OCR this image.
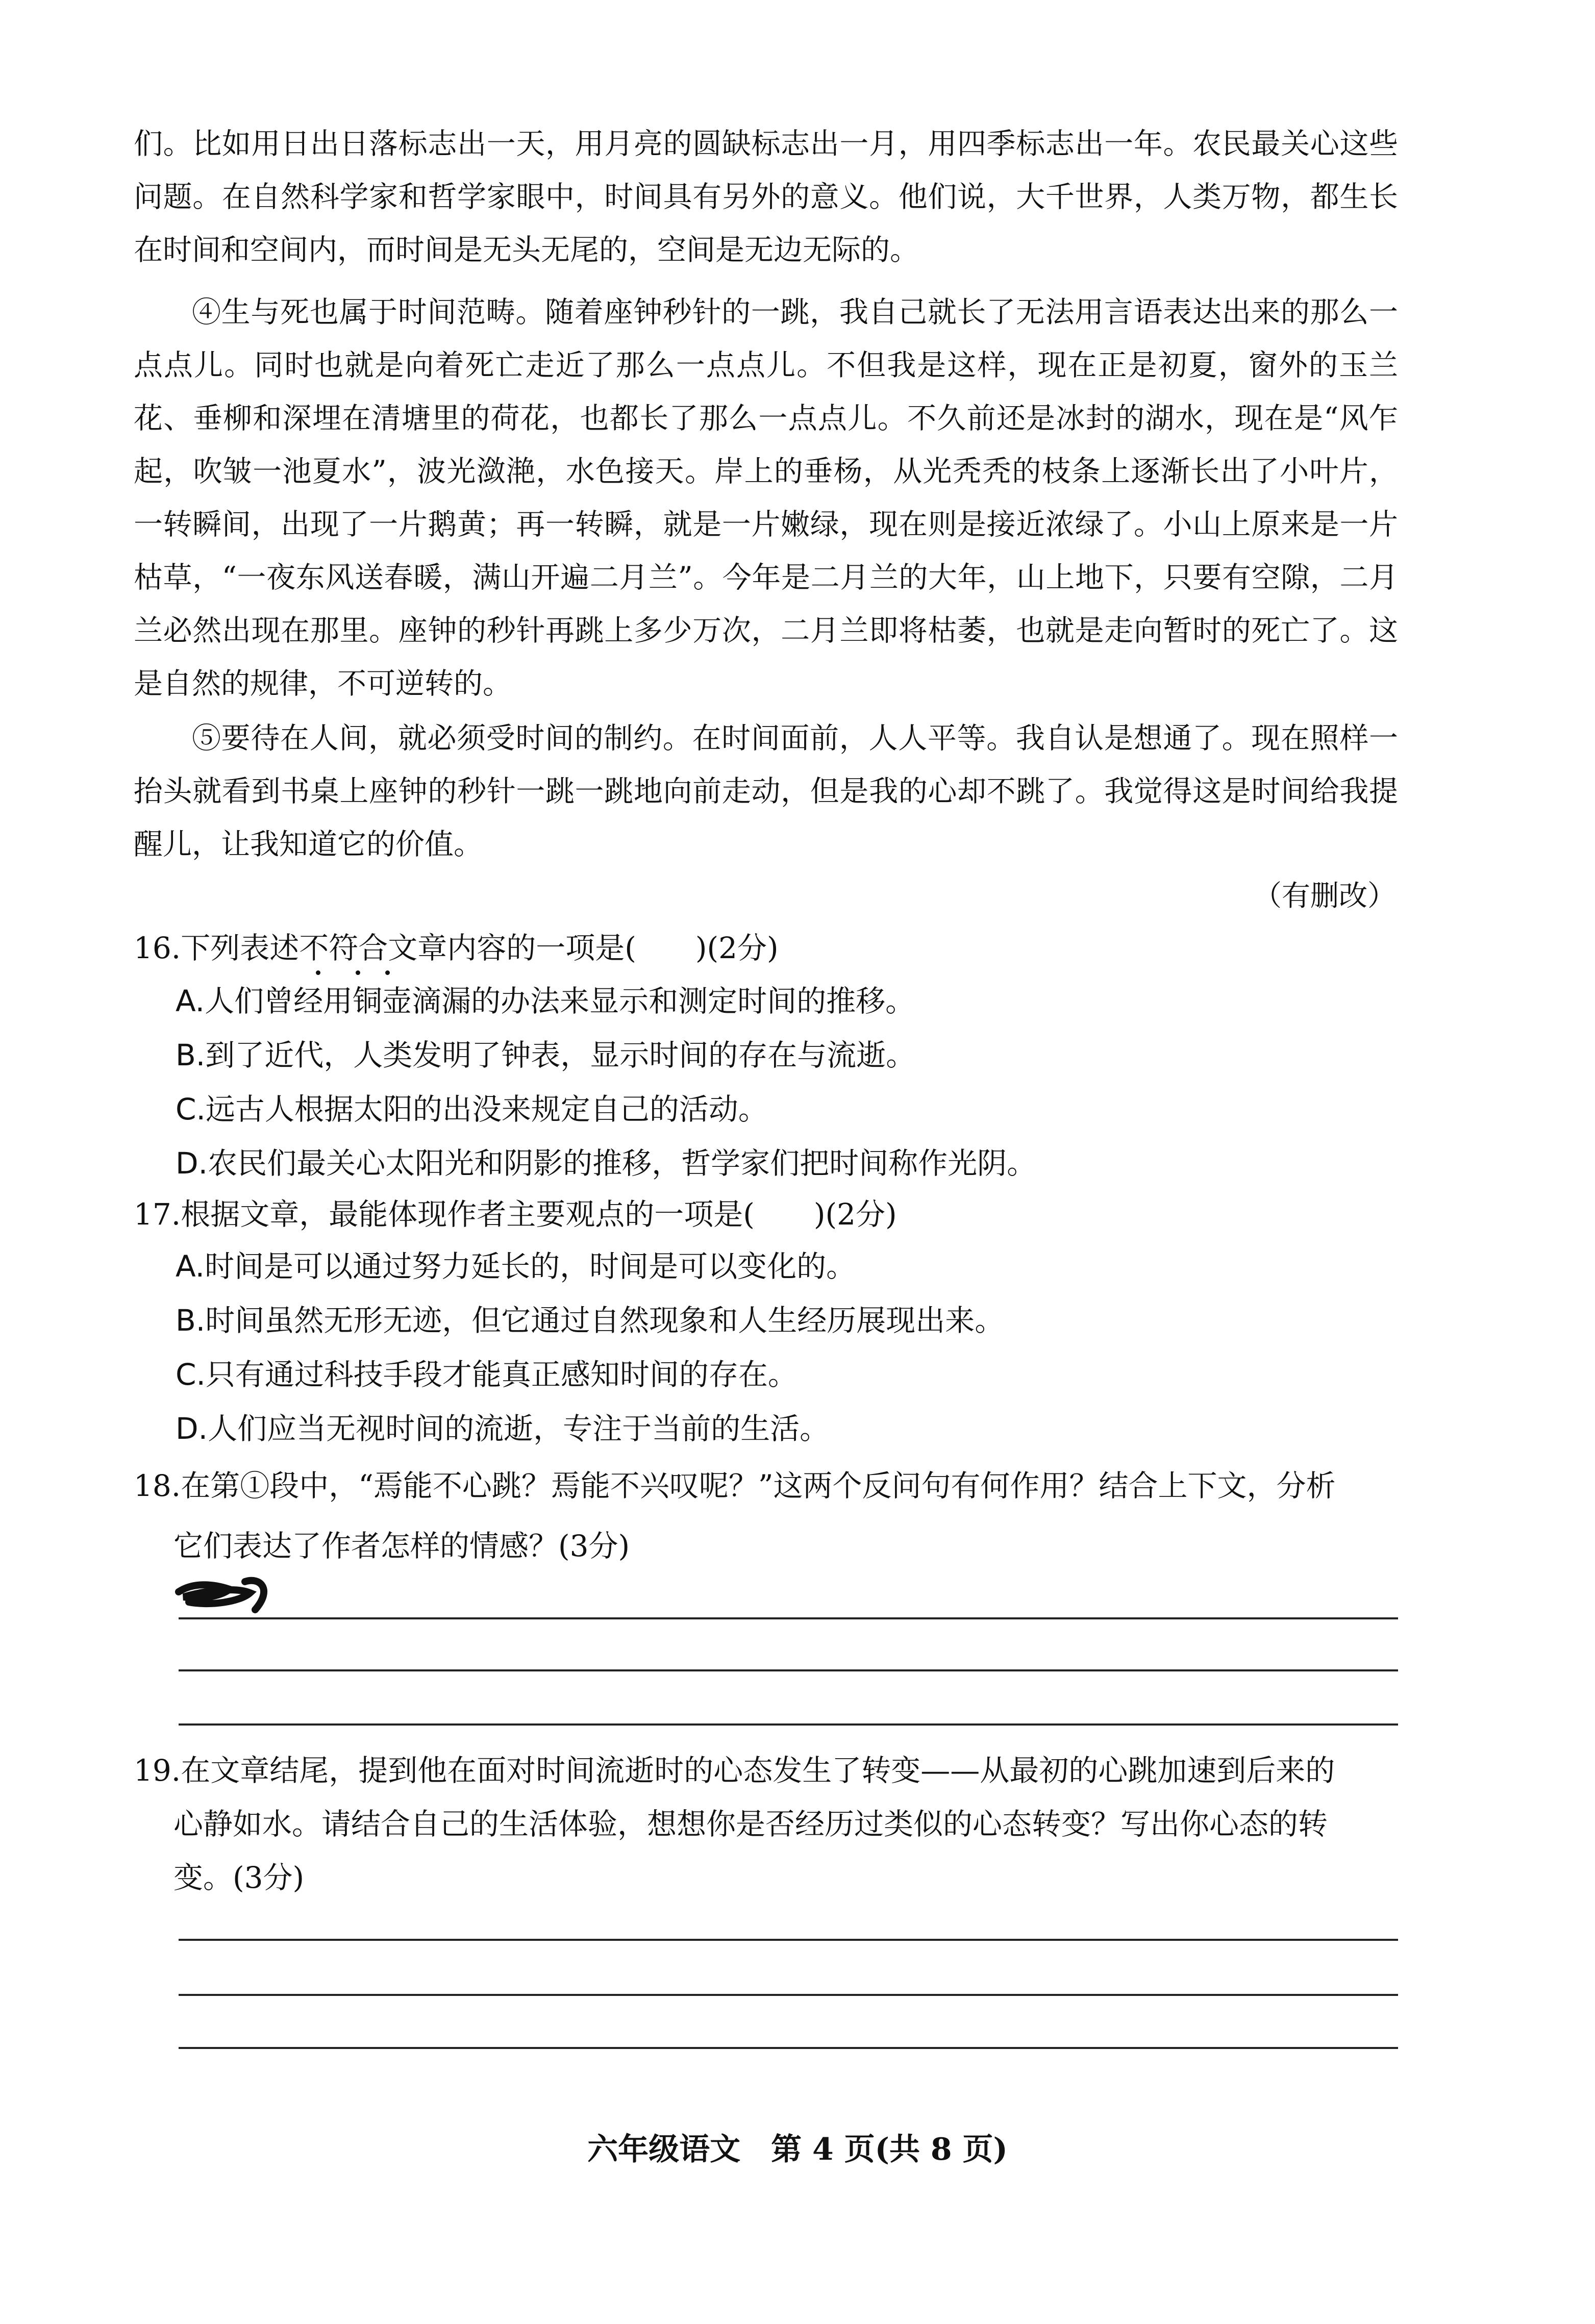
们。比如用日出日落标志出一天，用月亮的圆缺标志出一月，用四季标志出一年。农民最关心这些问题。在自然科学家和哲学家眼中，时间具有另外的意义。他们说，大千世界，人类万物，都生长在时间和空间内，而时间是无头无尾的，空间是无边无际的。

④生与死也属于时间范畴。随着座钟秒针的一跳，我自己就长了无法用言语表达出来的那么一点点儿。同时也就是向着死亡走近了那么一点点儿。不但我是这样，现在正是初夏，窗外的玉兰花、垂柳和深埋在清塘里的荷花，也都长了那么一点点儿。不久前还是冰封的湖水，现在是“风乍起，吹皱一池夏水”，波光潋滟，水色接天。岸上的垂杨，从光秃秃的枝条上逐渐长出了小叶片，一转瞬间，出现了一片鹅黄；再一转瞬，就是一片嫩绿，现在则是接近浓绿了。小山上原来是一片枯草，“一夜东风送春暖，满山开遍二月兰”。今年是二月兰的大年，山上地下，只要有空隙，二月兰必然出现在那里。座钟的秒针再跳上多少万次，二月兰即将枯萎，也就是走向暂时的死亡了。这是自然的规律，不可逆转的。

⑤要待在人间，就必须受时间的制约。在时间面前，人人平等。我自认是想通了。现在照样一抬头就看到书桌上座钟的秒针一跳一跳地向前走动，但是我的心却不跳了。我觉得这是时间给我提醒儿，让我知道它的价值。

（有删改）

16.下列表述不符合文章内容的一项是(　　)(2分)

A.人们曾经用铜壶滴漏的办法来显示和测定时间的推移。
B.到了近代，人类发明了钟表，显示时间的存在与流逝。
C.远古人根据太阳的出没来规定自己的活动。
D.农民们最关心太阳光和阴影的推移，哲学家们把时间称作光阴。

17.根据文章，最能体现作者主要观点的一项是(　　)(2分)

A.时间是可以通过努力延长的，时间是可以变化的。
B.时间虽然无形无迹，但它通过自然现象和人生经历展现出来。
C.只有通过科技手段才能真正感知时间的存在。
D.人们应当无视时间的流逝，专注于当前的生活。

18.在第①段中，“焉能不心跳？焉能不兴叹呢？”这两个反问句有何作用？结合上下文，分析

它们表达了作者怎样的情感？(3分)

19.在文章结尾，提到他在面对时间流逝时的心态发生了转变——从最初的心跳加速到后来的

心静如水。请结合自己的生活体验，想想你是否经历过类似的心态转变？写出你心态的转

变。(3分)

六年级语文　第 4 页(共 8 页)
